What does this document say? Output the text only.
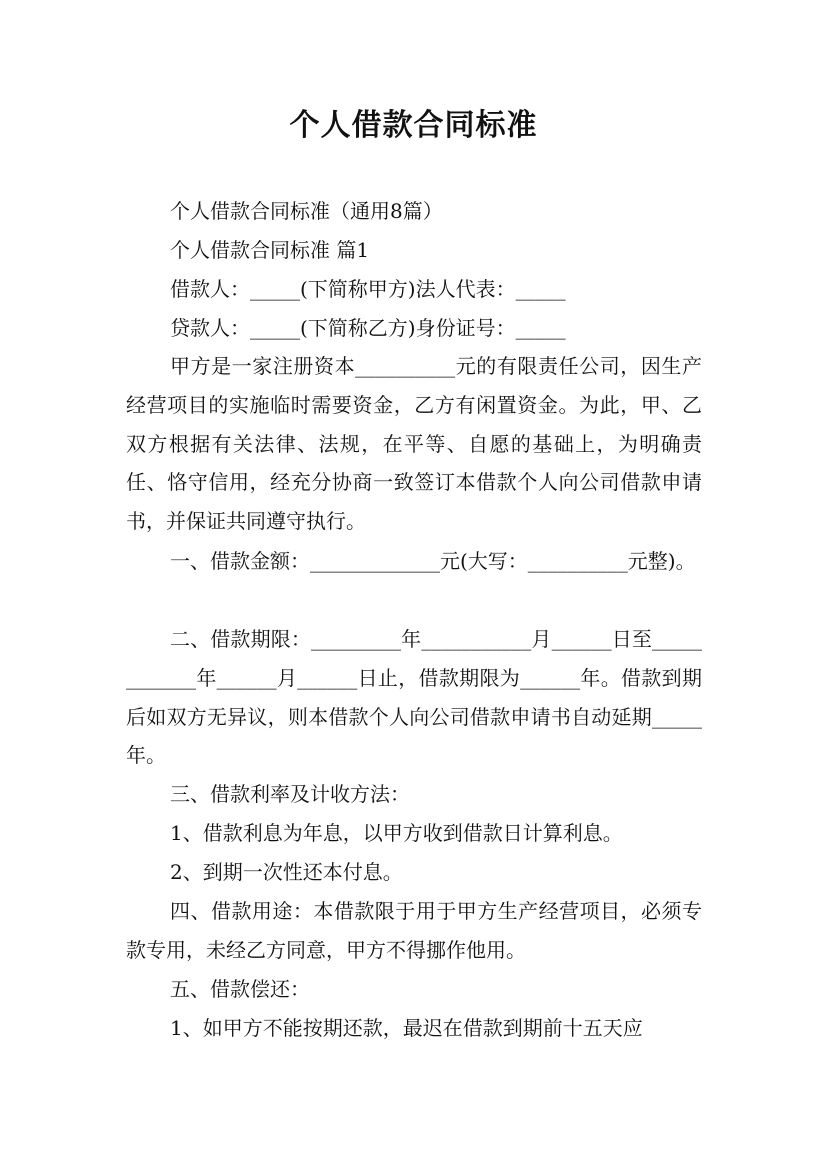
个人借款合同标准

个人借款合同标准（通用8篇）

个人借款合同标准 篇1

借款人：_____(下简称甲方)法人代表：_____

贷款人：_____(下简称乙方)身份证号：_____

甲方是一家注册资本__________元的有限责任公司，因生产经营项目的实施临时需要资金，乙方有闲置资金。为此，甲、乙双方根据有关法律、法规，在平等、自愿的基础上，为明确责任、恪守信用，经充分协商一致签订本借款个人向公司借款申请书，并保证共同遵守执行。

一、借款金额：_____________元(大写：__________元整)。

二、借款期限：_________年___________月______日至____________年______月______日止，借款期限为______年。借款到期后如双方无异议，则本借款个人向公司借款申请书自动延期_____年。

三、借款利率及计收方法：

1、借款利息为年息，以甲方收到借款日计算利息。

2、到期一次性还本付息。

四、借款用途：本借款限于用于甲方生产经营项目，必须专款专用，未经乙方同意，甲方不得挪作他用。

五、借款偿还：

1、如甲方不能按期还款，最迟在借款到期前十五天应
